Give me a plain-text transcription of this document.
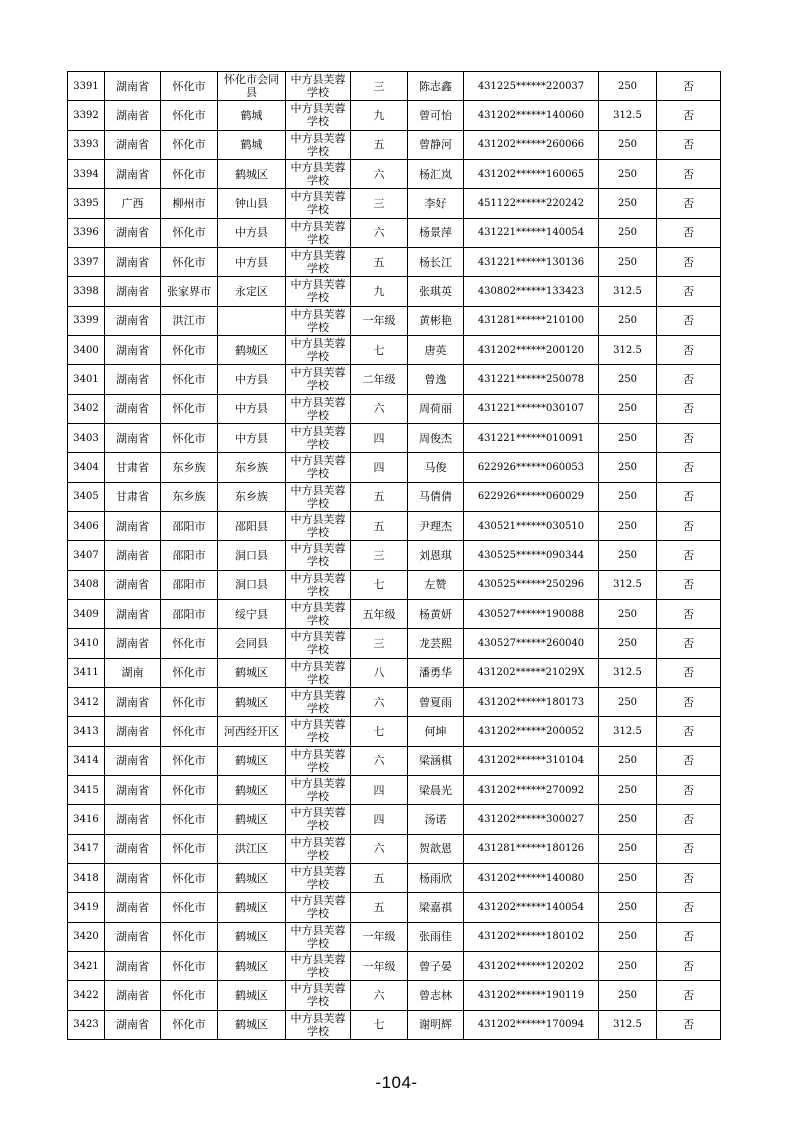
3391	湖南省	怀化市	怀化市会同县	中方县芙蓉学校	三	陈志鑫	431225******220037	250	否
3392	湖南省	怀化市	鹤城	中方县芙蓉学校	九	曾可怡	431202******140060	312.5	否
3393	湖南省	怀化市	鹤城	中方县芙蓉学校	五	曾静河	431202******260066	250	否
3394	湖南省	怀化市	鹤城区	中方县芙蓉学校	六	杨汇岚	431202******160065	250	否
3395	广西	柳州市	钟山县	中方县芙蓉学校	三	李好	451122******220242	250	否
3396	湖南省	怀化市	中方县	中方县芙蓉学校	六	杨景萍	431221******140054	250	否
3397	湖南省	怀化市	中方县	中方县芙蓉学校	五	杨长江	431221******130136	250	否
3398	湖南省	张家界市	永定区	中方县芙蓉学校	九	张琪英	430802******133423	312.5	否
3399	湖南省	洪江市		中方县芙蓉学校	一年级	黄彬艳	431281******210100	250	否
3400	湖南省	怀化市	鹤城区	中方县芙蓉学校	七	唐英	431202******200120	312.5	否
3401	湖南省	怀化市	中方县	中方县芙蓉学校	二年级	曾逸	431221******250078	250	否
3402	湖南省	怀化市	中方县	中方县芙蓉学校	六	周荷丽	431221******030107	250	否
3403	湖南省	怀化市	中方县	中方县芙蓉学校	四	周俊杰	431221******010091	250	否
3404	甘肃省	东乡族	东乡族	中方县芙蓉学校	四	马俊	622926******060053	250	否
3405	甘肃省	东乡族	东乡族	中方县芙蓉学校	五	马倩倩	622926******060029	250	否
3406	湖南省	邵阳市	邵阳县	中方县芙蓉学校	五	尹理杰	430521******030510	250	否
3407	湖南省	邵阳市	洞口县	中方县芙蓉学校	三	刘恩琪	430525******090344	250	否
3408	湖南省	邵阳市	洞口县	中方县芙蓉学校	七	左赞	430525******250296	312.5	否
3409	湖南省	邵阳市	绥宁县	中方县芙蓉学校	五年级	杨黄妍	430527******190088	250	否
3410	湖南省	怀化市	会同县	中方县芙蓉学校	三	龙芸熙	430527******260040	250	否
3411	湖南	怀化市	鹤城区	中方县芙蓉学校	八	潘勇华	431202******21029X	312.5	否
3412	湖南省	怀化市	鹤城区	中方县芙蓉学校	六	曾夏雨	431202******180173	250	否
3413	湖南省	怀化市	河西经开区	中方县芙蓉学校	七	何坤	431202******200052	312.5	否
3414	湖南省	怀化市	鹤城区	中方县芙蓉学校	六	梁涵棋	431202******310104	250	否
3415	湖南省	怀化市	鹤城区	中方县芙蓉学校	四	梁晨光	431202******270092	250	否
3416	湖南省	怀化市	鹤城区	中方县芙蓉学校	四	汤诺	431202******300027	250	否
3417	湖南省	怀化市	洪江区	中方县芙蓉学校	六	贺歆恩	431281******180126	250	否
3418	湖南省	怀化市	鹤城区	中方县芙蓉学校	五	杨雨欣	431202******140080	250	否
3419	湖南省	怀化市	鹤城区	中方县芙蓉学校	五	梁嘉祺	431202******140054	250	否
3420	湖南省	怀化市	鹤城区	中方县芙蓉学校	一年级	张雨佳	431202******180102	250	否
3421	湖南省	怀化市	鹤城区	中方县芙蓉学校	一年级	曾子晏	431202******120202	250	否
3422	湖南省	怀化市	鹤城区	中方县芙蓉学校	六	曾志林	431202******190119	250	否
3423	湖南省	怀化市	鹤城区	中方县芙蓉学校	七	谢明辉	431202******170094	312.5	否
-104-
